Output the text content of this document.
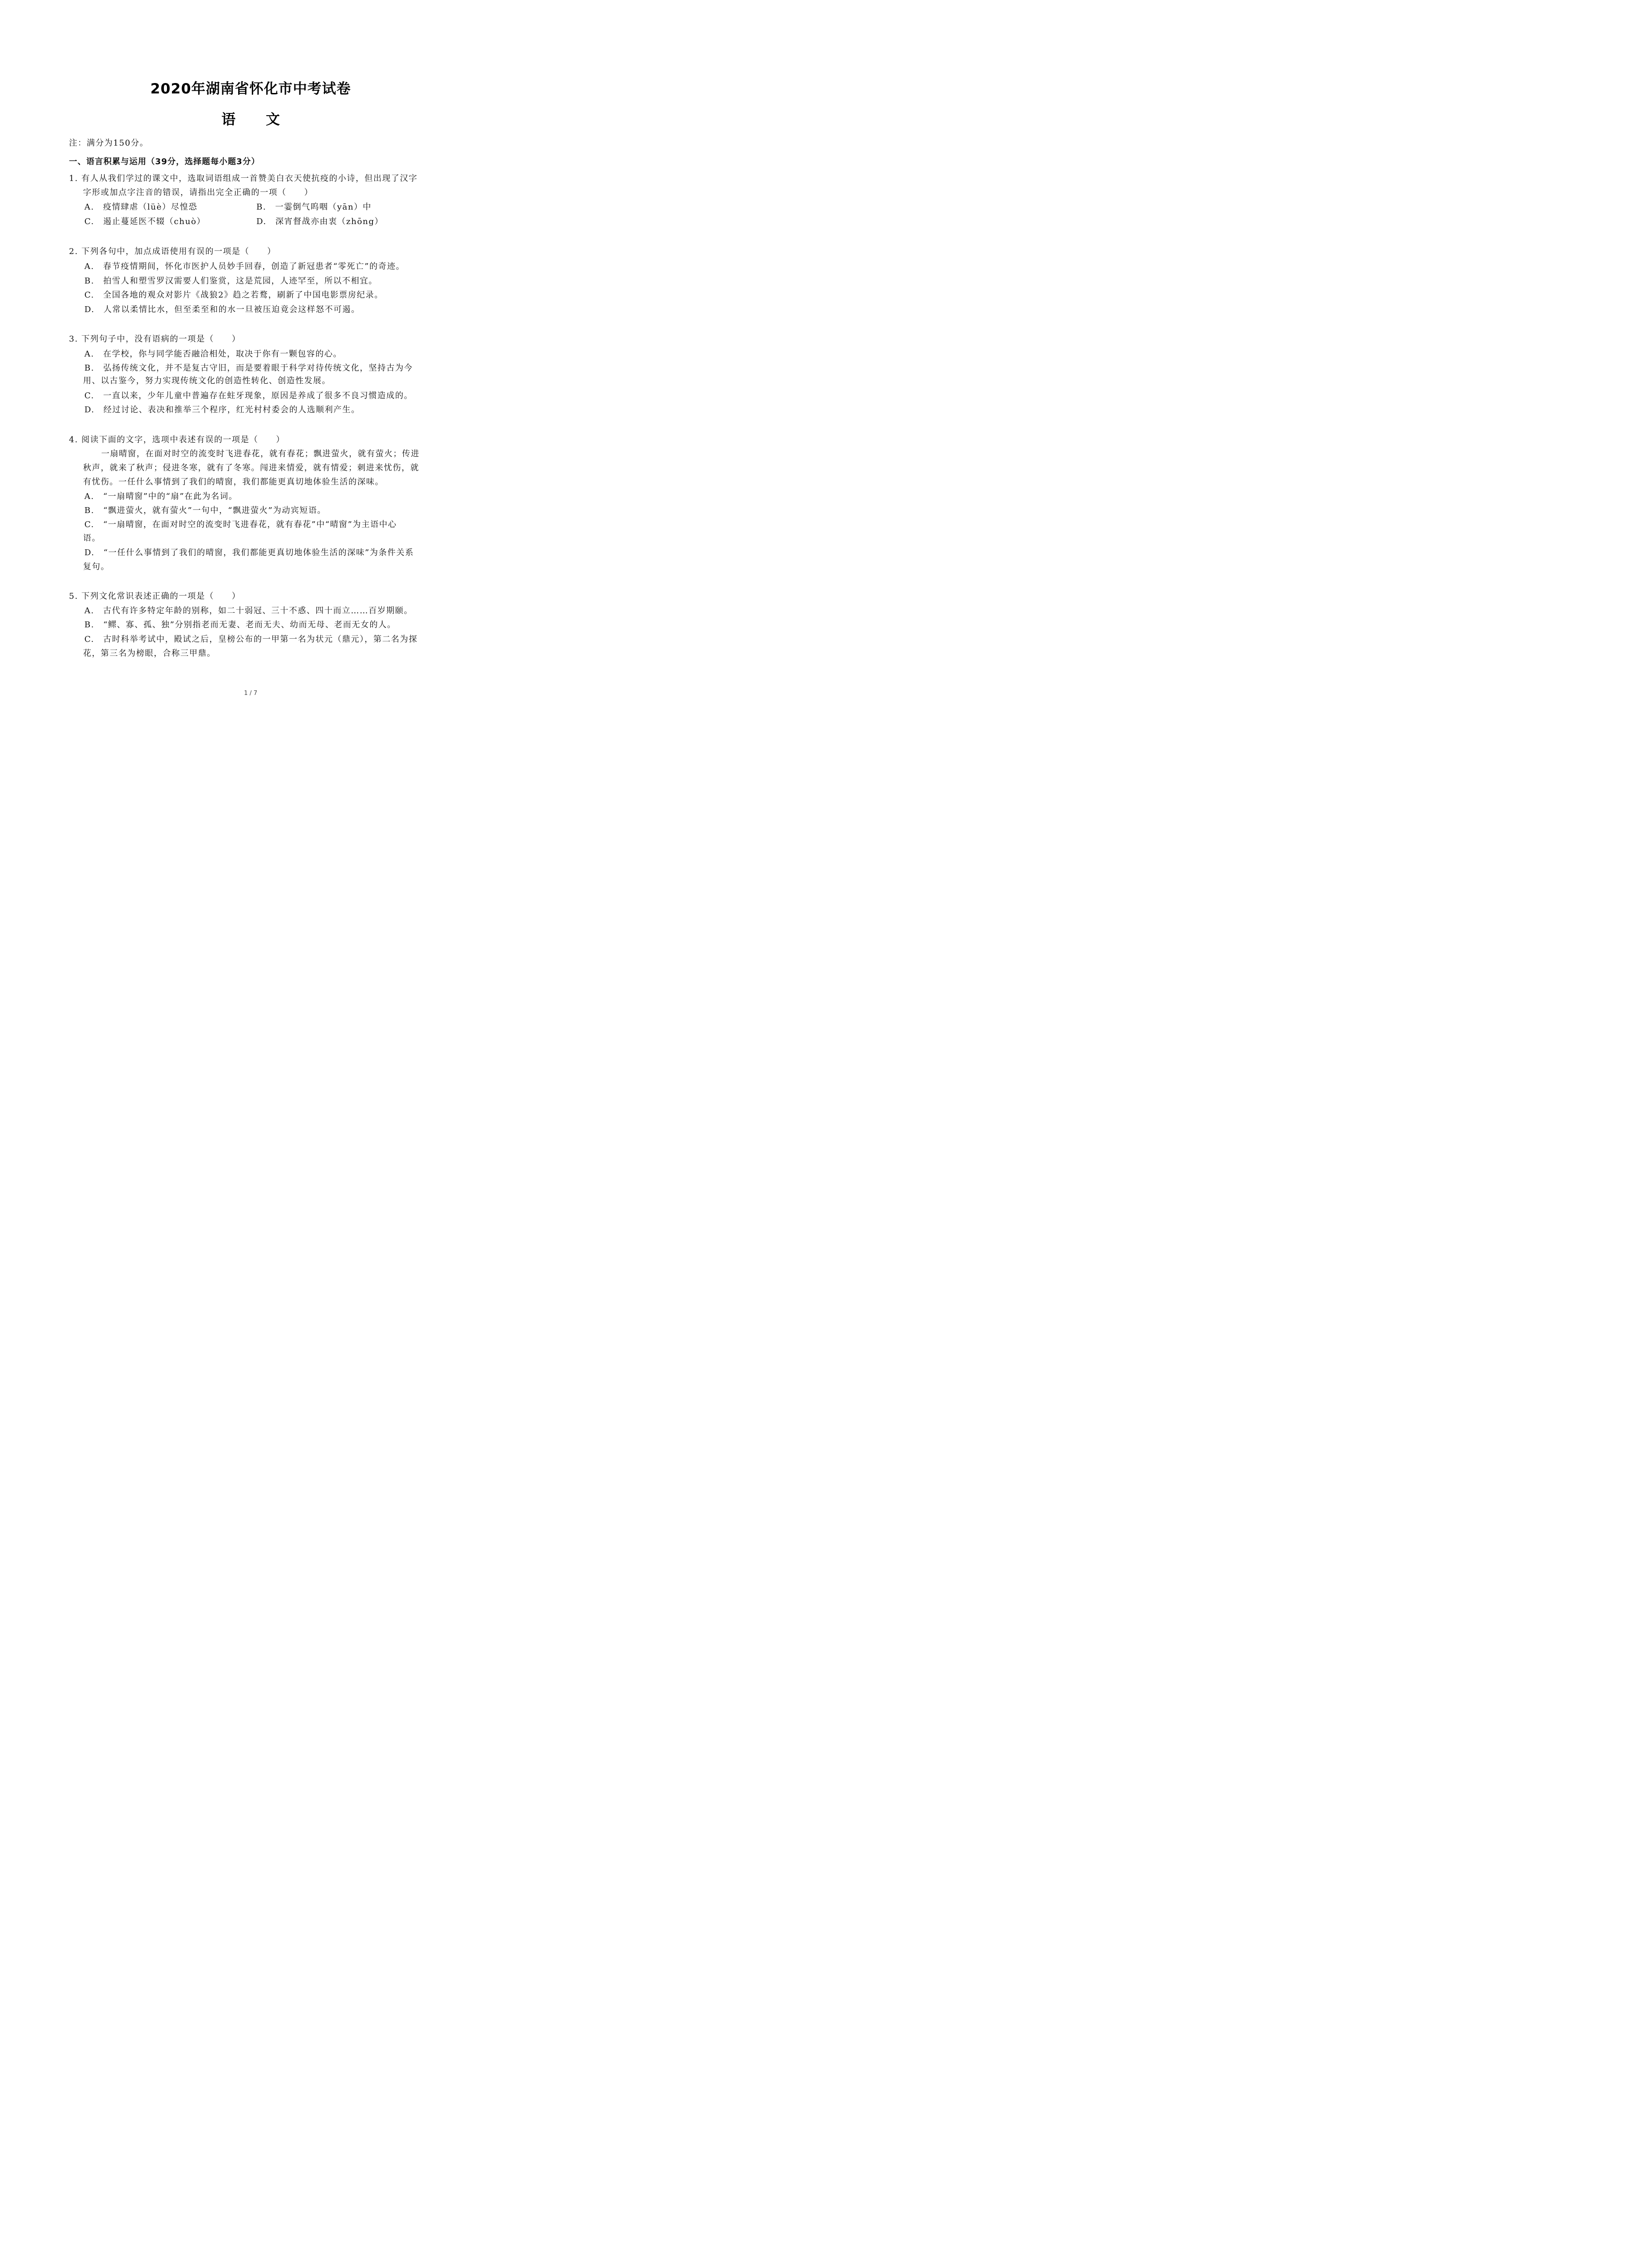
2020年湖南省怀化市中考试卷
语 文
注：满分为150分。
一、语言积累与运用（39分，选择题每小题3分）
1. 有人从我们学过的课文中，选取词语组成一首赞美白衣天使抗疫的小诗，但出现了汉字
字形或加点字注音的错误，请指出完全正确的一项（　　）
A.　疫情肆虐（lüè）尽惶恐	B.　一霎倒气呜咽（yān）中
C.　遏止蔓延医不辍（chuò）	D.　深宵督战亦由衷（zhōng）
2. 下列各句中，加点成语使用有误的一项是（　　）
A.　春节疫情期间，怀化市医护人员妙手回春，创造了新冠患者“零死亡”的奇迹。
B.　拍雪人和塑雪罗汉需要人们鉴赏，这是荒园，人迹罕至，所以不相宜。
C.　全国各地的观众对影片《战狼2》趋之若鹜，刷新了中国电影票房纪录。
D.　人常以柔情比水，但至柔至和的水一旦被压迫竟会这样怒不可遏。
3. 下列句子中，没有语病的一项是（　　）
A.　在学校，你与同学能否融洽相处，取决于你有一颗包容的心。
B.　弘扬传统文化，并不是复古守旧，而是要着眼于科学对待传统文化，坚持古为今
用、以古鉴今，努力实现传统文化的创造性转化、创造性发展。
C.　一直以来，少年儿童中普遍存在蛀牙现象，原因是养成了很多不良习惯造成的。
D.　经过讨论、表决和推举三个程序，红光村村委会的人选顺利产生。
4. 阅读下面的文字，选项中表述有误的一项是（　　）
一扇晴窗，在面对时空的流变时飞进春花，就有春花；飘进萤火，就有萤火；传进
秋声，就来了秋声；侵进冬寒，就有了冬寒。闯进来情爱，就有情爱；刺进来忧伤，就
有忧伤。一任什么事情到了我们的晴窗，我们都能更真切地体验生活的深味。
A.　“一扇晴窗”中的“扇”在此为名词。
B.　“飘进萤火，就有萤火”一句中，“飘进萤火”为动宾短语。
C.　“一扇晴窗，在面对时空的流变时飞进春花，就有春花”中“晴窗”为主语中心
语。
D.　“一任什么事情到了我们的晴窗，我们都能更真切地体验生活的深味”为条件关系
复句。
5. 下列文化常识表述正确的一项是（　　）
A.　古代有许多特定年龄的别称，如二十弱冠、三十不惑、四十而立……百岁期颐。
B.　“鳏、寡、孤、独”分别指老而无妻、老而无夫、幼而无母、老而无女的人。
C.　古时科举考试中，殿试之后，皇榜公布的一甲第一名为状元（鼎元），第二名为探
花，第三名为榜眼，合称三甲鼎。
1 / 7
